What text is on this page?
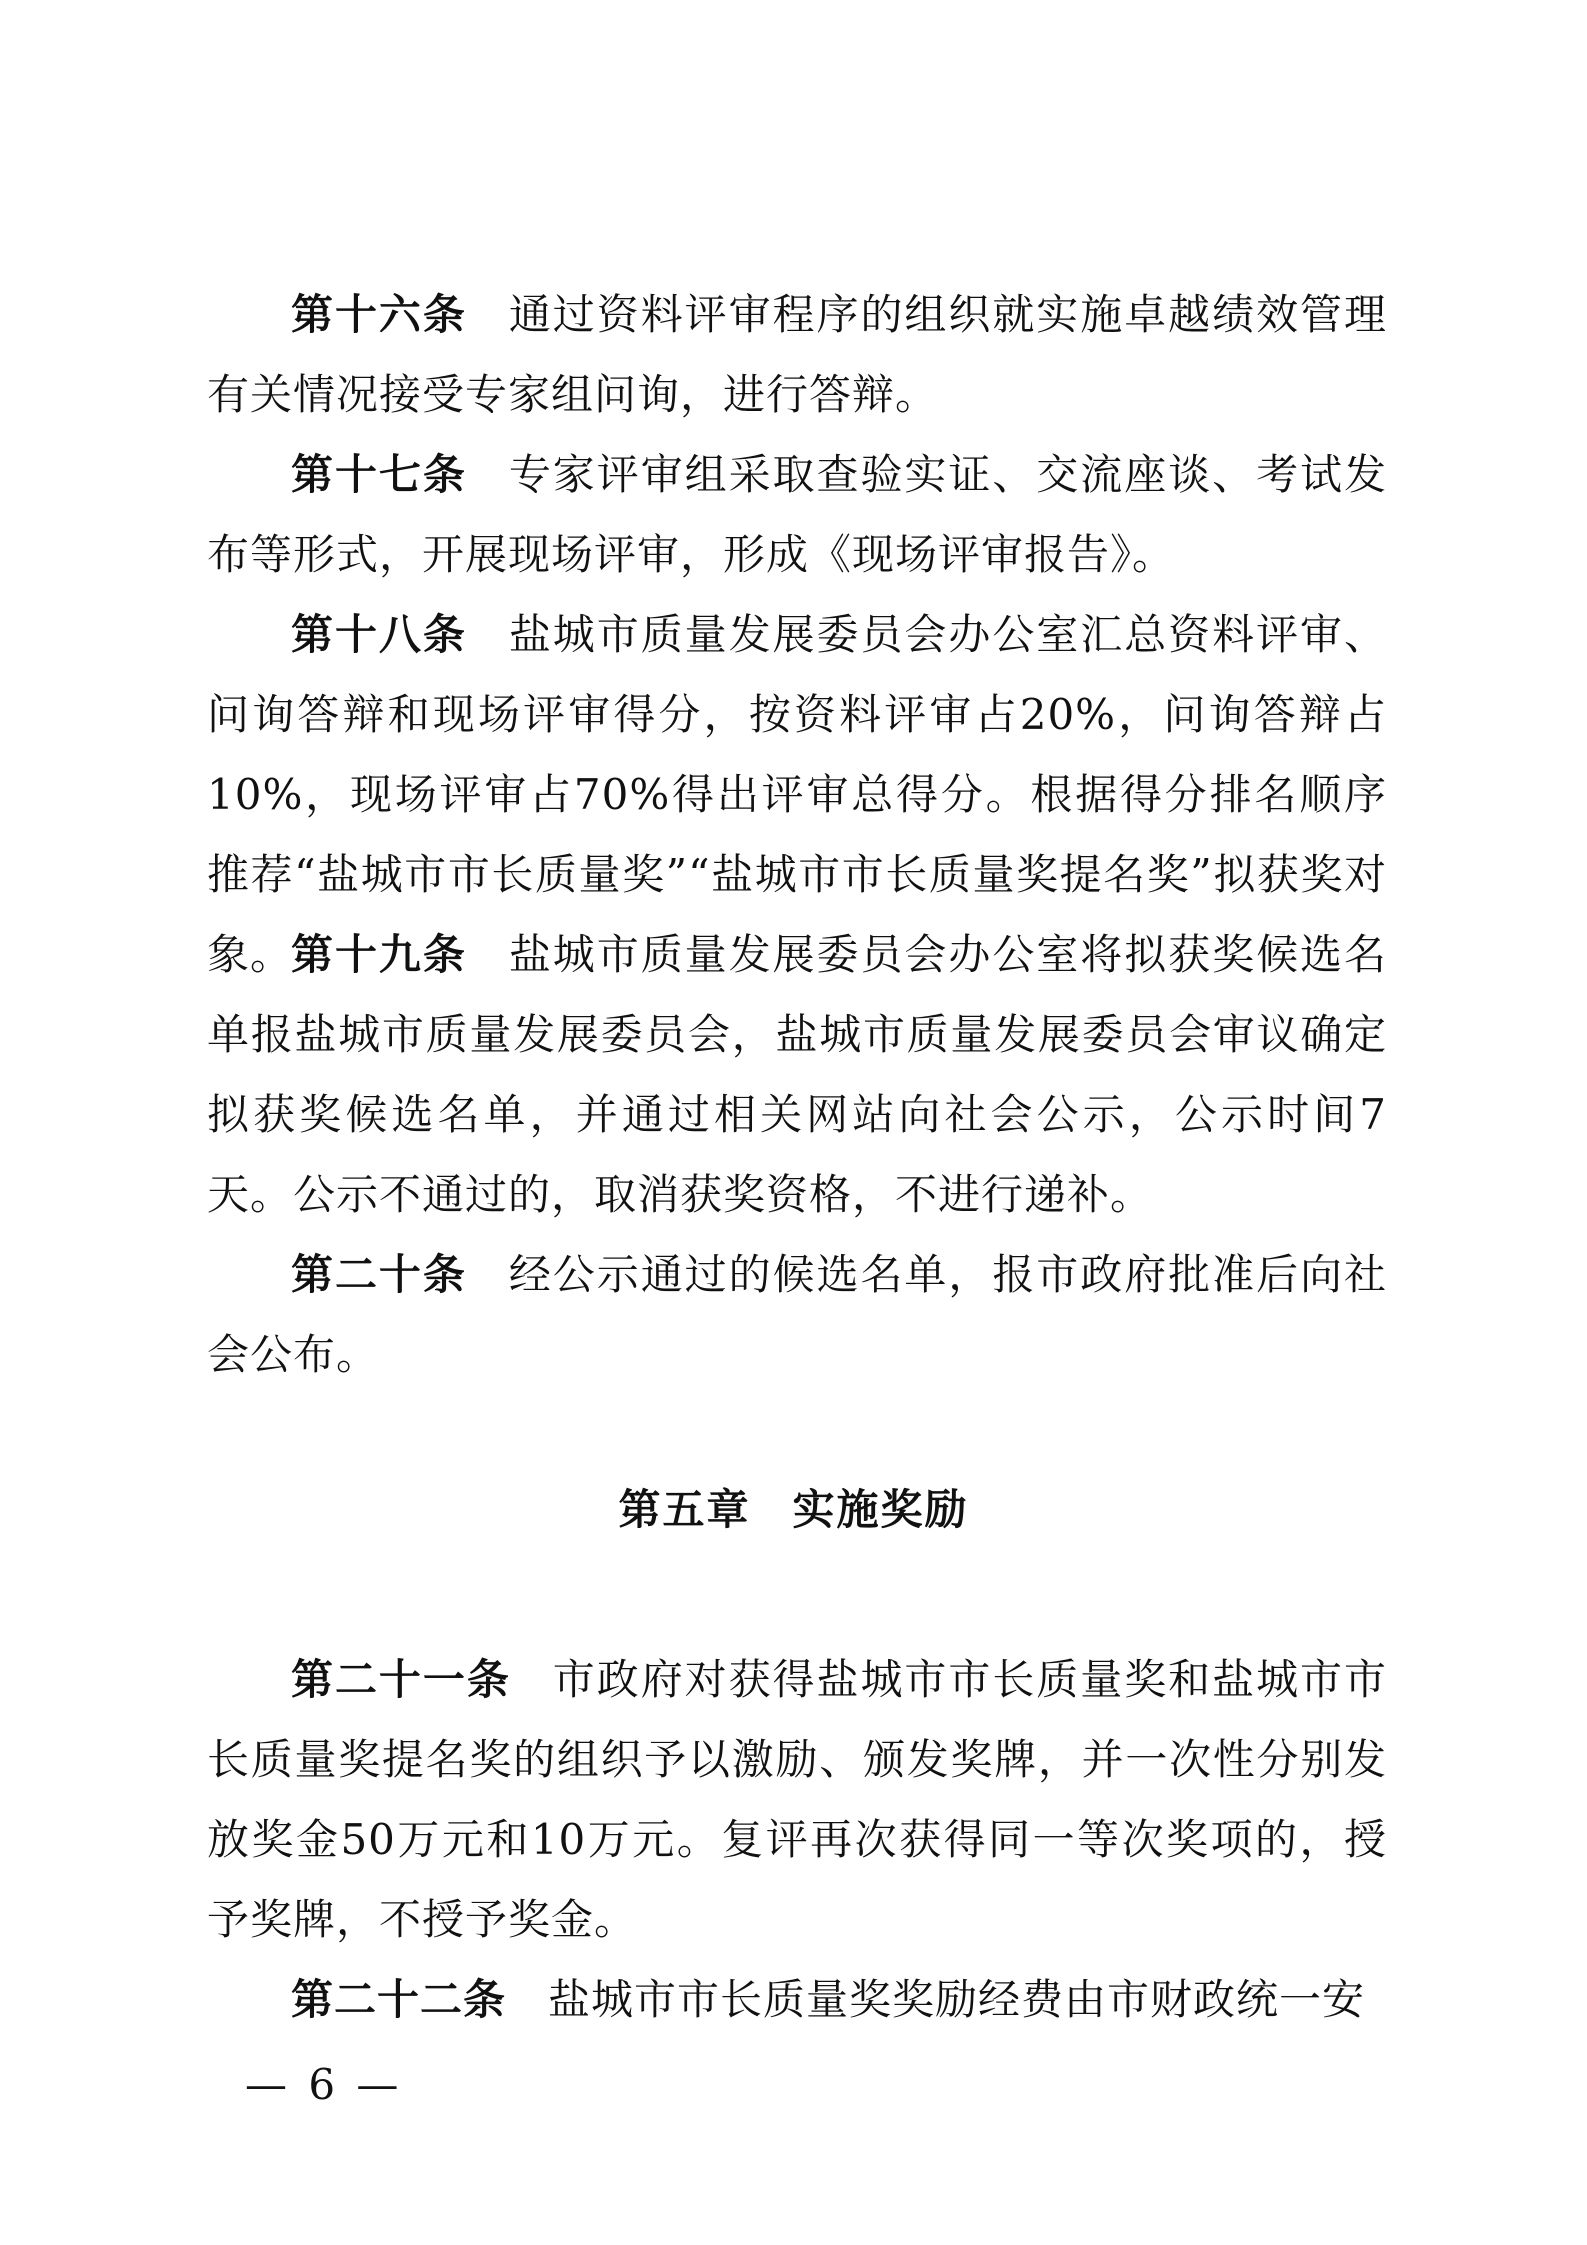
第十六条 通过资料评审程序的组织就实施卓越绩效管理有关情况接受专家组问询，进行答辩。

第十七条 专家评审组采取查验实证、交流座谈、考试发布等形式，开展现场评审，形成《现场评审报告》。

第十八条 盐城市质量发展委员会办公室汇总资料评审、问询答辩和现场评审得分，按资料评审占20%，问询答辩占10%，现场评审占70%得出评审总得分。根据得分排名顺序推荐“盐城市市长质量奖”“盐城市市长质量奖提名奖”拟获奖对象。

第十九条 盐城市质量发展委员会办公室将拟获奖候选名单报盐城市质量发展委员会，盐城市质量发展委员会审议确定拟获奖候选名单，并通过相关网站向社会公示，公示时间7天。公示不通过的，取消获奖资格，不进行递补。

第二十条 经公示通过的候选名单，报市政府批准后向社会公布。

第五章 实施奖励

第二十一条 市政府对获得盐城市市长质量奖和盐城市市长质量奖提名奖的组织予以激励、颁发奖牌，并一次性分别发放奖金50万元和10万元。复评再次获得同一等次奖项的，授予奖牌，不授予奖金。

第二十二条 盐城市市长质量奖奖励经费由市财政统一安

— 6 —
